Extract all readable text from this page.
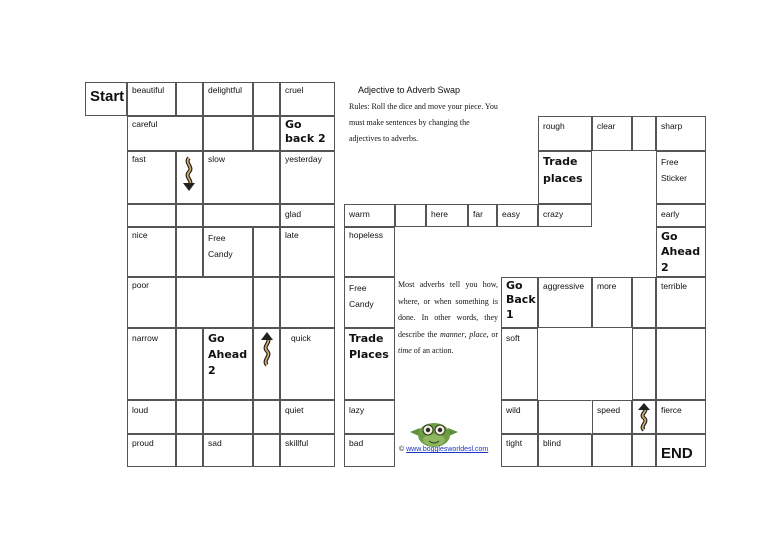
Start beautiful	delightful	cruel
careful	Go back 2
fast	slow	yesterday
glad
nice	Free Candy
late
poor
narrow	Go Ahead 2
quick
loud	quiet
proud	sad	skillful
warm	here	far easy
hopeless
Free Candy
Trade Places
lazy
bad
Go Back 1
soft
wild
tight
rough	clear	sharp
Trade places
Free Sticker
crazy	early
Go Ahead 2
aggressive more	terrible
speed	fierce
blind
END
Adjective to Adverb Swap
Rules: Roll the dice and move your piece. You must make sentences by changing the adjectives to adverbs.
Most adverbs tell you how, where, or when something is done. In other words, they describe the manner, place, or time of an action.
© www.bogglesworldesl.com
